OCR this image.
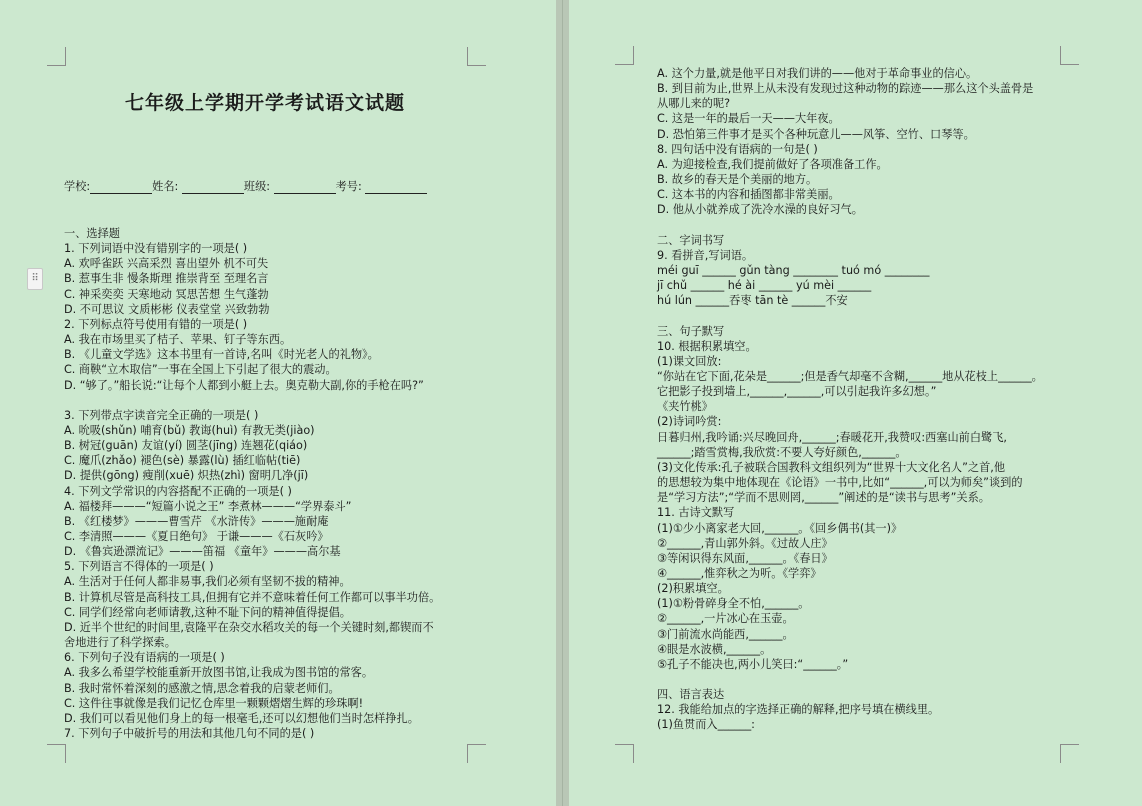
⠿
七年级上学期开学考试语文试题
学校:	姓名:	班级:	考号:
一、选择题
1. 下列词语中没有错别字的一项是( )
A. 欢呼雀跃 兴高采烈 喜出望外 机不可失
B. 惹事生非 慢条斯理 推崇背至 至理名言
C. 神采奕奕 天寒地动 冥思苦想 生气蓬勃
D. 不可思议 文质彬彬 仪表堂堂 兴致勃勃
2. 下列标点符号使用有错的一项是( )
A. 我在市场里买了桔子、苹果、钉子等东西。
B. 《儿童文学选》这本书里有一首诗,名叫《时光老人的礼物》。
C. 商鞅“立木取信”一事在全国上下引起了很大的震动。
D. “够了。”船长说:“让每个人都到小艇上去。奥克勒大副,你的手枪在吗?”
3. 下列带点字读音完全正确的一项是( )
A. 吮吸(shǔn) 哺育(bǔ) 教诲(huì) 有教无类(jiào)
B. 树冠(guān) 友谊(yí) 圆茎(jīng) 连翘花(qiáo)
C. 魔爪(zhǎo) 褪色(sè) 暴露(lù) 插红临帖(tiē)
D. 提供(gōng) 瘦削(xuē) 炽热(zhì) 窗明几净(jī)
4. 下列文学常识的内容搭配不正确的一项是( )
A. 福楼拜———“短篇小说之王” 李煮林———“学界泰斗”
B. 《红楼梦》———曹雪芹 《水浒传》———施耐庵
C. 李清照———《夏日绝句》 于谦———《石灰吟》
D. 《鲁宾逊漂流记》———笛福 《童年》———高尔基
5. 下列语言不得体的一项是( )
A. 生活对于任何人都非易事,我们必须有坚韧不拔的精神。
B. 计算机尽管是高科技工具,但拥有它并不意味着任何工作都可以事半功倍。
C. 同学们经常向老师请教,这种不耻下问的精神值得提倡。
D. 近半个世纪的时间里,袁隆平在杂交水稻攻关的每一个关键时刻,都锲而不
舍地进行了科学探索。
6. 下列句子没有语病的一项是( )
A. 我多么希望学校能重新开放图书馆,让我成为图书馆的常客。
B. 我时常怀着深刻的感激之情,思念着我的启蒙老师们。
C. 这件往事就像是我们记忆仓库里一颗颗熠熠生辉的珍珠啊!
D. 我们可以看见他们身上的每一根毫毛,还可以幻想他们当时怎样挣扎。
7. 下列句子中破折号的用法和其他几句不同的是( )
A. 这个力量,就是他平日对我们讲的——他对于革命事业的信心。
B. 到目前为止,世界上从未没有发现过这种动物的踪迹——那么这个头盖骨是
从哪儿来的呢?
C. 这是一年的最后一天——大年夜。
D. 恐怕第三件事才是买个各种玩意儿——风筝、空竹、口琴等。
8. 四句话中没有语病的一句是( )
A. 为迎接检查,我们提前做好了各项准备工作。
B. 故乡的春天是个美丽的地方。
C. 这本书的内容和插图都非常美丽。
D. 他从小就养成了洗冷水澡的良好习气。
二、字词书写
9. 看拼音,写词语。
méi guī ______ gǔn tàng ________ tuó mó ________
jī chǔ ______ hé ài ______ yú mèi ______
hú lún ______吞枣 tān tè ______不安
三、句子默写
10. 根据积累填空。
(1)课文回放:
“你站在它下面,花朵是______;但是香气却毫不含糊,______地从花枝上______。
它把影子投到墙上,______,______,可以引起我许多幻想。”
《夹竹桃》
(2)诗词吟赏:
日暮归州,我吟诵:兴尽晚回舟,______;春暖花开,我赞叹:西塞山前白鹭飞,
______;踏雪赏梅,我欣赏:不要人夸好颜色,______。
(3)文化传承:孔子被联合国教科文组织列为“世界十大文化名人”之首,他
的思想较为集中地体现在《论语》一书中,比如“______,可以为师矣”谈到的
是“学习方法”;“学而不思则罔,______”阐述的是“读书与思考”关系。
11. 古诗文默写
(1)①少小离家老大回,______。《回乡偶书(其一)》
②______,青山郭外斜。《过故人庄》
③等闲识得东风面,______。《春日》
④______,惟弈秋之为听。《学弈》
(2)积累填空。
(1)①粉骨碎身全不怕,______。
②______,一片冰心在玉壶。
③门前流水尚能西,______。
④眼是水波横,______。
⑤孔子不能决也,两小儿笑曰:“______。”
四、语言表达
12. 我能给加点的字选择正确的解释,把序号填在横线里。
(1)鱼贯而入______:
